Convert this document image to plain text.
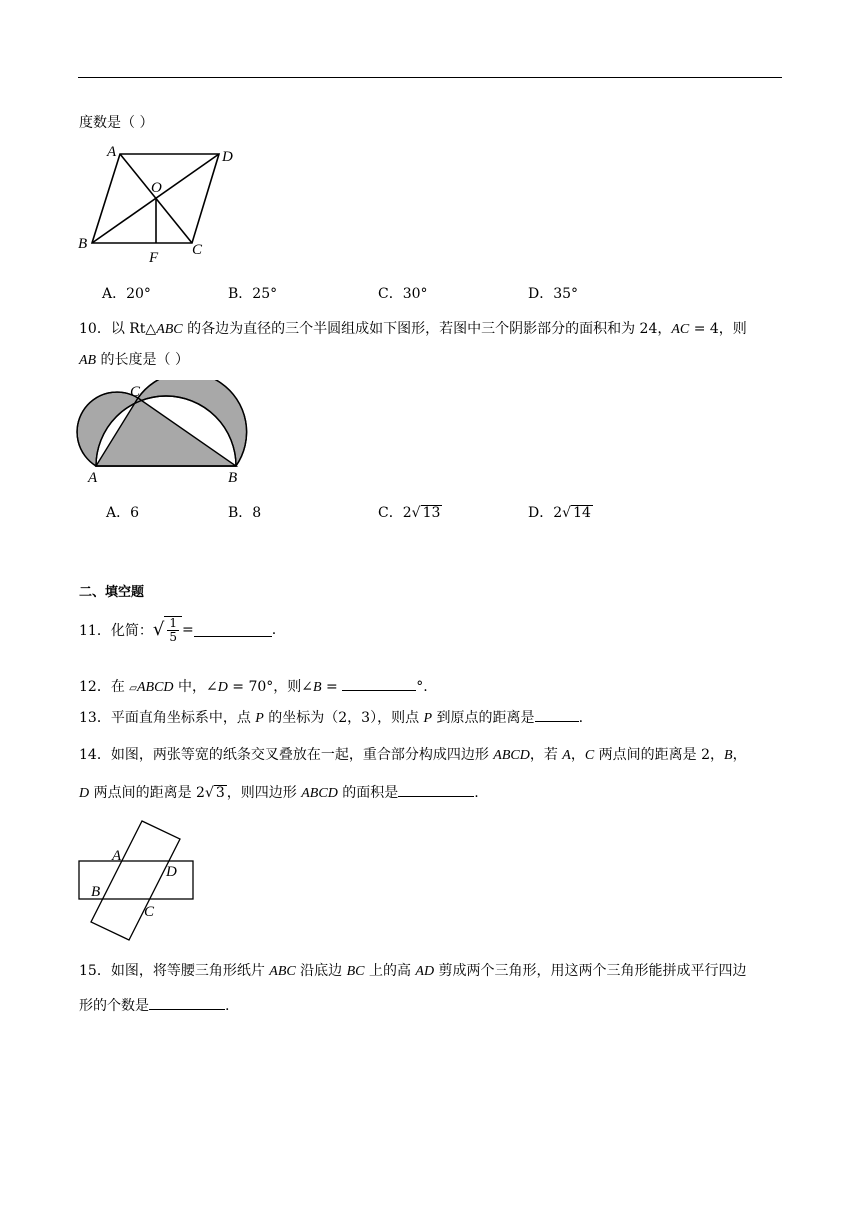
度数是（ ）
A	D
O
B	C
F
A．20°	B．25°	C．30°	D．35°
10．以 Rt△ABC 的各边为直径的三个半圆组成如下图形，若图中三个阴影部分的面积和为 24，AC = 4，则
AB 的长度是（ ）
C
A	B
A．6	B．8	C．2√ 13	D．2√ 14
二、填空题
11．化简： √ $\frac{1}{5}$ =	.
12．在 ▱ABCD 中，∠D = 70°，则∠B =	°.
13．平面直角坐标系中，点 P 的坐标为（2，3），则点 P 到原点的距离是	.
14．如图，两张等宽的纸条交叉叠放在一起，重合部分构成四边形 ABCD，若 A，C 两点间的距离是 2，B，
D 两点间的距离是 2√ 3 ，则四边形 ABCD 的面积是	.
A
D
B
C
15．如图，将等腰三角形纸片 ABC 沿底边 BC 上的高 AD 剪成两个三角形，用这两个三角形能拼成平行四边
形的个数是	.
